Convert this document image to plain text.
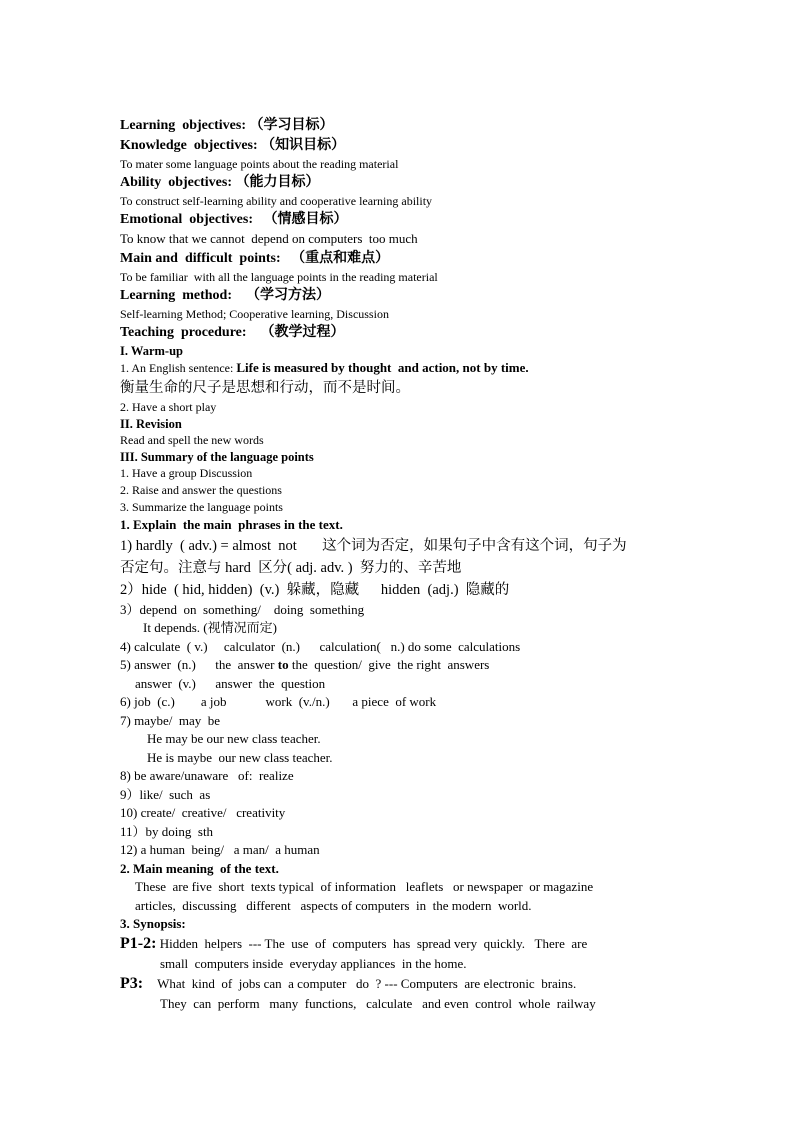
Learning  objectives: （学习目标）
Knowledge  objectives: （知识目标）
To mater some language points about the reading material
Ability  objectives: （能力目标）
To construct self-learning ability and cooperative learning ability
Emotional  objectives:   （情感目标）
To know that we cannot  depend on computers  too much
Main and  difficult  points:   （重点和难点）
To be familiar  with all the language points in the reading material
Learning  method:    （学习方法）
Self-learning Method; Cooperative learning, Discussion
Teaching  procedure:    （教学过程）
I. Warm-up
1. An English sentence: Life is measured by thought  and action, not by time.
衡量生命的尺子是思想和行动，而不是时间。
2. Have a short play
II. Revision
Read and spell the new words
III. Summary of the language points
1. Have a group Discussion
2. Raise and answer the questions
3. Summarize the language points
1. Explain  the main  phrases in the text.
1) hardly  ( adv.) = almost  not       这个词为否定，如果句子中含有这个词，句子为
否定句。注意与 hard  区分( adj. adv. )  努力的、辛苦地
2）hide  ( hid, hidden)  (v.)  躲藏，隐藏      hidden  (adj.)  隐藏的
3）depend  on  something/    doing  something
It depends. (视情况而定)
4) calculate  ( v.)     calculator  (n.)      calculation(   n.) do some  calculations
5) answer  (n.)      the  answer to the  question/  give  the right  answers
answer  (v.)      answer  the  question
6) job  (c.)        a job            work  (v./n.)       a piece  of work
7) maybe/  may  be
He may be our new class teacher.
He is maybe  our new class teacher.
8) be aware/unaware   of:  realize
9）like/  such  as
10) create/  creative/   creativity
11）by doing  sth
12) a human  being/   a man/  a human
2. Main meaning  of the text.
These  are five  short  texts typical  of information   leaflets   or newspaper  or magazine
articles,  discussing   different   aspects of computers  in  the modern  world.
3. Synopsis:
P1-2: Hidden  helpers  --- The  use  of  computers  has  spread very  quickly.   There  are
small  computers inside  everyday appliances  in the home.
P3: What  kind  of  jobs can  a computer   do  ? --- Computers  are electronic  brains.
They  can  perform   many  functions,   calculate   and even  control  whole  railway
